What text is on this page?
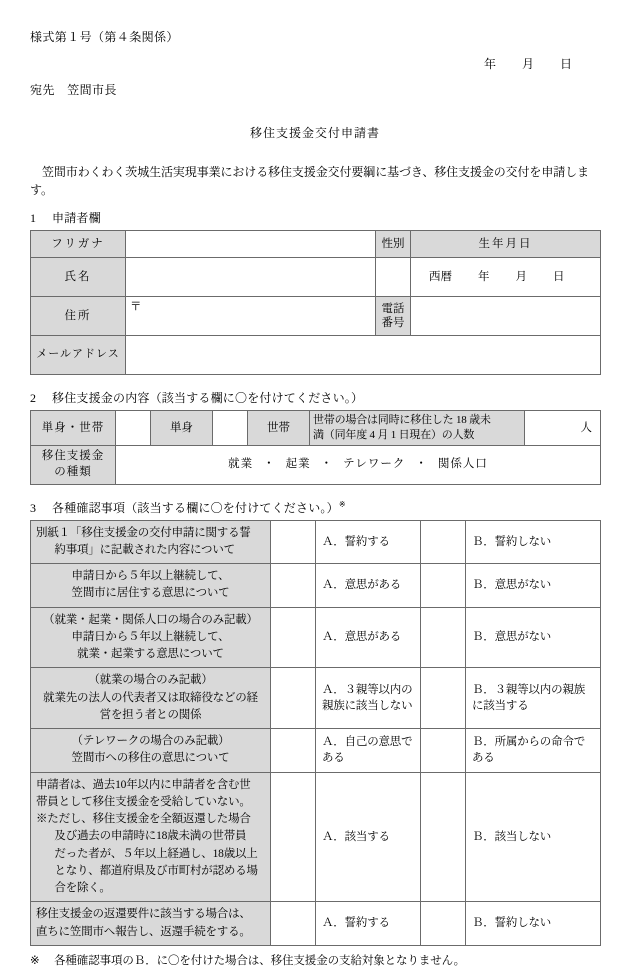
様式第１号（第４条関係）
年 月 日
宛先　笠間市長
移住支援金交付申請書
笠間市わくわく茨城生活実現事業における移住支援金交付要綱に基づき、移住支援金の交付を申請します。
1 申請者欄
フリガナ		性別	生年月日
氏名			西暦 年 月 日

住所	〒	電話
番号	

メールアドレス			
2 移住支援金の内容（該当する欄に〇を付けてください。）
単身・世帯		単身		世帯	世帯の場合は同時に移住した 18 歳未
満（同年度 4 月 1 日現在）の人数	人

移住支援金
の種類	就業 ・ 起業 ・ テレワーク ・ 関係人口					
3 各種確認事項（該当する欄に〇を付けてください。）※
別紙１「移住支援金の交付申請に関する誓
約事項」に記載された内容について		Ａ．誓約する		Ｂ．誓約しない

申請日から５年以上継続して、
笠間市に居住する意思について		Ａ．意思がある		Ｂ．意思がない

（就業・起業・関係人口の場合のみ記載）
申請日から５年以上継続して、
就業・起業する意思について		Ａ．意思がある		Ｂ．意思がない

（就業の場合のみ記載）
就業先の法人の代表者又は取締役などの経
営を担う者との関係		Ａ．３親等以内の親族に該当しない		Ｂ．３親等以内の親族に該当する

（テレワークの場合のみ記載）
笠間市への移住の意思について		Ａ．自己の意思である		Ｂ．所属からの命令である

申請者は、過去10年以内に申請者を含む世
帯員として移住支援金を受給していない。
※ただし、移住支援金を全額返還した場合
及び過去の申請時に18歳未満の世帯員
だった者が、５年以上経過し、18歳以上
となり、都道府県及び市町村が認める場
合を除く。
		Ａ．該当する		Ｂ．該当しない

移住支援金の返還要件に該当する場合は、
直ちに笠間市へ報告し、返還手続をする。		Ａ．誓約する		Ｂ．誓約しない
※ 各種確認事項のＢ．に〇を付けた場合は、移住支援金の支給対象となりません。
